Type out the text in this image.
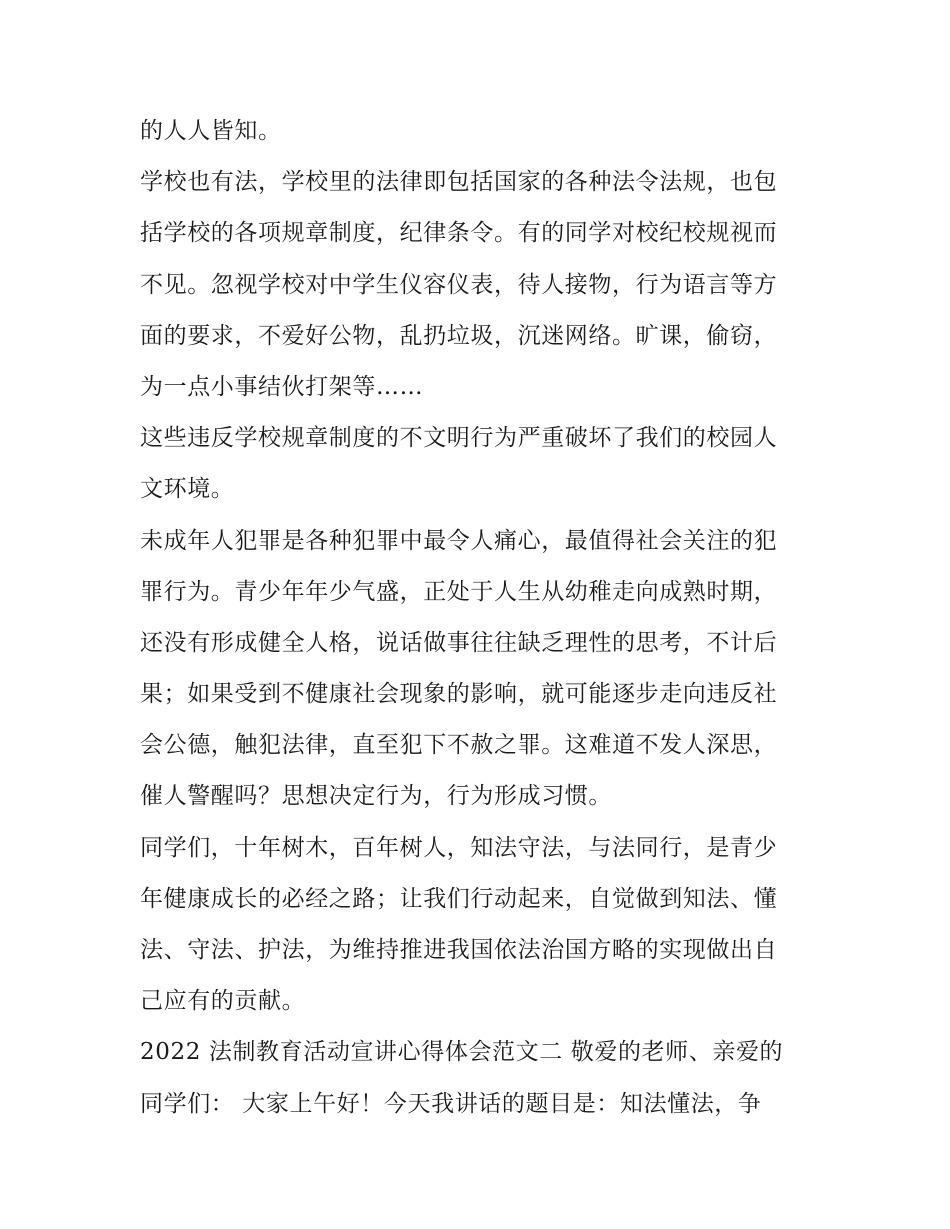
的人人皆知。
学校也有法，学校里的法律即包括国家的各种法令法规，也包
括学校的各项规章制度，纪律条令。有的同学对校纪校规视而
不见。忽视学校对中学生仪容仪表，待人接物，行为语言等方
面的要求，不爱好公物，乱扔垃圾，沉迷网络。旷课，偷窃，
为一点小事结伙打架等……
这些违反学校规章制度的不文明行为严重破坏了我们的校园人
文环境。
未成年人犯罪是各种犯罪中最令人痛心，最值得社会关注的犯
罪行为。青少年年少气盛，正处于人生从幼稚走向成熟时期，
还没有形成健全人格，说话做事往往缺乏理性的思考，不计后
果；如果受到不健康社会现象的影响，就可能逐步走向违反社
会公德，触犯法律，直至犯下不赦之罪。这难道不发人深思，
催人警醒吗？思想决定行为，行为形成习惯。
同学们，十年树木，百年树人，知法守法，与法同行，是青少
年健康成长的必经之路；让我们行动起来，自觉做到知法、懂
法、守法、护法，为维持推进我国依法治国方略的实现做出自
己应有的贡献。
2022 法制教育活动宣讲心得体会范文二 敬爱的老师、亲爱的
同学们： 大家上午好！今天我讲话的题目是：知法懂法，争
